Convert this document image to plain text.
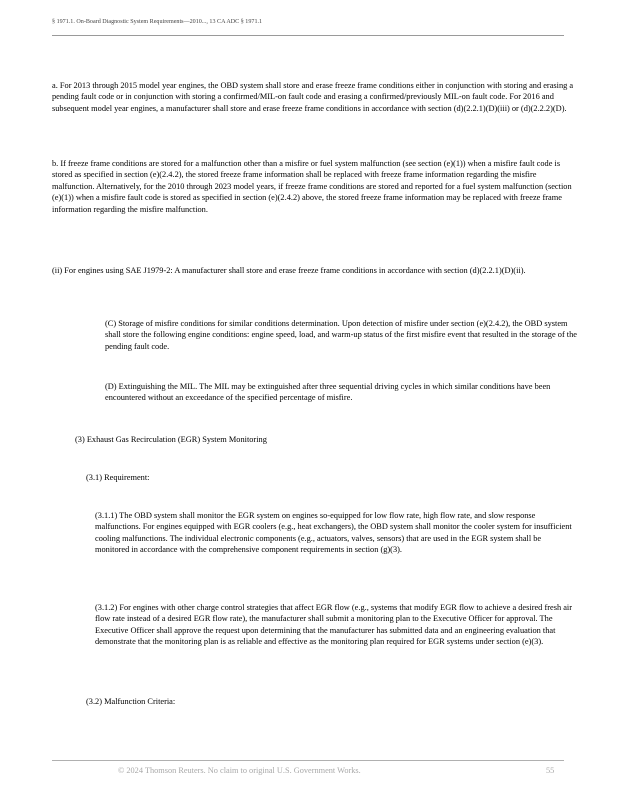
§ 1971.1. On-Board Diagnostic System Requirements—2010..., 13 CA ADC § 1971.1

a. For 2013 through 2015 model year engines, the OBD system shall store and erase freeze frame conditions either in conjunction with storing and erasing a pending fault code or in conjunction with storing a confirmed/MIL-on fault code and erasing a confirmed/previously MIL-on fault code. For 2016 and subsequent model year engines, a manufacturer shall store and erase freeze frame conditions in accordance with section (d)(2.2.1)(D)(iii) or (d)(2.2.2)(D).

b. If freeze frame conditions are stored for a malfunction other than a misfire or fuel system malfunction (see section (e)(1)) when a misfire fault code is stored as specified in section (e)(2.4.2), the stored freeze frame information shall be replaced with freeze frame information regarding the misfire malfunction. Alternatively, for the 2010 through 2023 model years, if freeze frame conditions are stored and reported for a fuel system malfunction (section (e)(1)) when a misfire fault code is stored as specified in section (e)(2.4.2) above, the stored freeze frame information may be replaced with freeze frame information regarding the misfire malfunction.

(ii) For engines using SAE J1979-2: A manufacturer shall store and erase freeze frame conditions in accordance with section (d)(2.2.1)(D)(ii).

(C) Storage of misfire conditions for similar conditions determination. Upon detection of misfire under section (e)(2.4.2), the OBD system shall store the following engine conditions: engine speed, load, and warm-up status of the first misfire event that resulted in the storage of the pending fault code.

(D) Extinguishing the MIL. The MIL may be extinguished after three sequential driving cycles in which similar conditions have been encountered without an exceedance of the specified percentage of misfire.

(3) Exhaust Gas Recirculation (EGR) System Monitoring

(3.1) Requirement:

(3.1.1) The OBD system shall monitor the EGR system on engines so-equipped for low flow rate, high flow rate, and slow response malfunctions. For engines equipped with EGR coolers (e.g., heat exchangers), the OBD system shall monitor the cooler system for insufficient cooling malfunctions. The individual electronic components (e.g., actuators, valves, sensors) that are used in the EGR system shall be monitored in accordance with the comprehensive component requirements in section (g)(3).

(3.1.2) For engines with other charge control strategies that affect EGR flow (e.g., systems that modify EGR flow to achieve a desired fresh air flow rate instead of a desired EGR flow rate), the manufacturer shall submit a monitoring plan to the Executive Officer for approval. The Executive Officer shall approve the request upon determining that the manufacturer has submitted data and an engineering evaluation that demonstrate that the monitoring plan is as reliable and effective as the monitoring plan required for EGR systems under section (e)(3).

(3.2) Malfunction Criteria:

© 2024 Thomson Reuters. No claim to original U.S. Government Works.	55
